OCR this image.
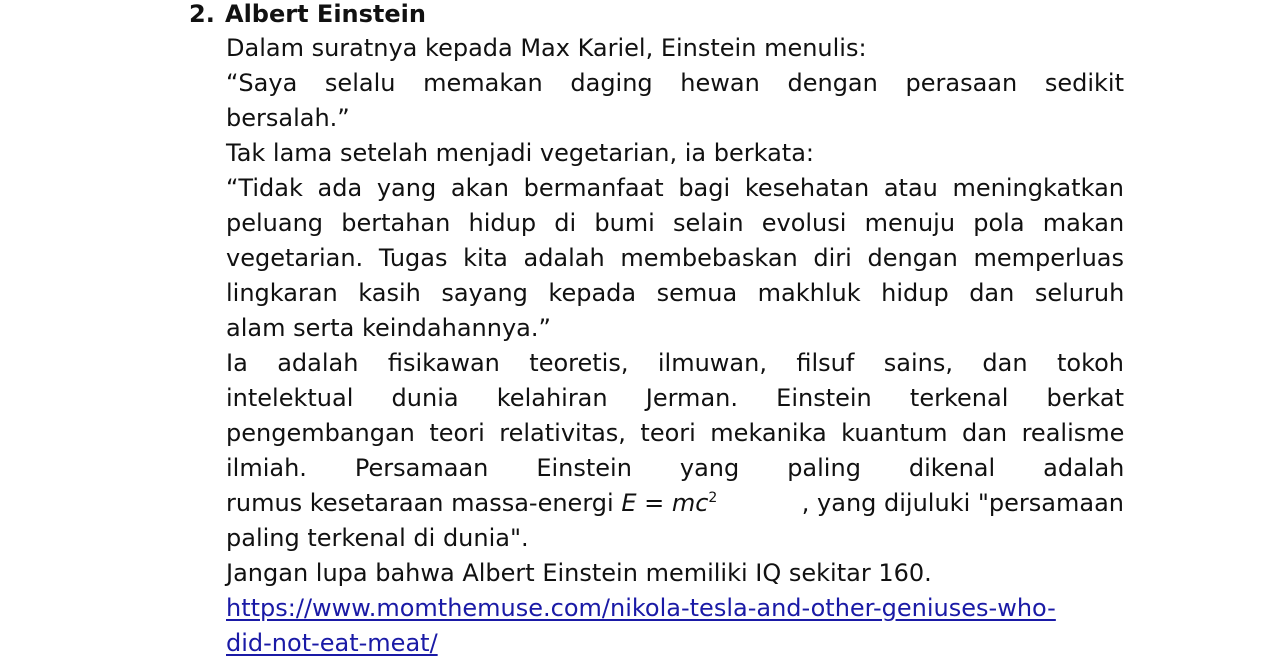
2. Albert Einstein
Dalam suratnya kepada Max Kariel, Einstein menulis:
“Saya selalu memakan daging hewan dengan perasaan sedikit
bersalah.”
Tak lama setelah menjadi vegetarian, ia berkata:
“Tidak ada yang akan bermanfaat bagi kesehatan atau meningkatkan
peluang bertahan hidup di bumi selain evolusi menuju pola makan
vegetarian. Tugas kita adalah membebaskan diri dengan memperluas
lingkaran kasih sayang kepada semua makhluk hidup dan seluruh
alam serta keindahannya.”
Ia adalah fisikawan teoretis, ilmuwan, filsuf sains, dan tokoh
intelektual dunia kelahiran Jerman. Einstein terkenal berkat
pengembangan teori relativitas, teori mekanika kuantum dan realisme
ilmiah. Persamaan Einstein yang paling dikenal adalah
rumus kesetaraan massa-energi $E = mc^2$	, yang dijuluki "persamaan
paling terkenal di dunia".
Jangan lupa bahwa Albert Einstein memiliki IQ sekitar 160.
https://www.momthemuse.com/nikola-tesla-and-other-geniuses-who-
did-not-eat-meat/
